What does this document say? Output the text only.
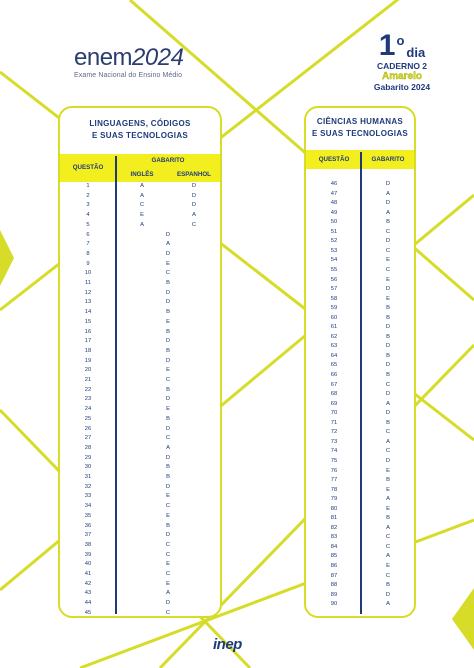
enem2024
Exame Nacional do Ensino Médio
1 o
dia
CADERNO 2
Amarelo
Gabarito 2024
LINGUAGENS, CÓDIGOS
E SUAS TECNOLOGIAS
QUESTÃO
GABARITO
INGLÊS	ESPANHOL
1	A	D
2	A	D
3	C	D
4	E	A
5	A	C
6	D
7	A
8	D
9	E
10	C
11	B
12	D
13	D
14	B
15	E
16	B
17	D
18	B
19	D
20	E
21	C
22	B
23	D
24	E
25	B
26	D
27	C
28	A
29	D
30	B
31	B
32	D
33	E
34	C
35	E
36	B
37	D
38	C
39	C
40	E
41	C
42	E
43	A
44	D
45	C
CIÊNCIAS HUMANAS
E SUAS TECNOLOGIAS
QUESTÃO	GABARITO
46	D
47	A
48	D
49	A
50	B
51	C
52	D
53	C
54	E
55	C
56	E
57	D
58	E
59	B
60	B
61	D
62	B
63	D
64	B
65	D
66	B
67	C
68	D
69	A
70	D
71	B
72	C
73	A
74	C
75	D
76	E
77	B
78	E
79	A
80	E
81	B
82	A
83	C
84	C
85	A
86	E
87	C
88	B
89	D
90	A
inep
